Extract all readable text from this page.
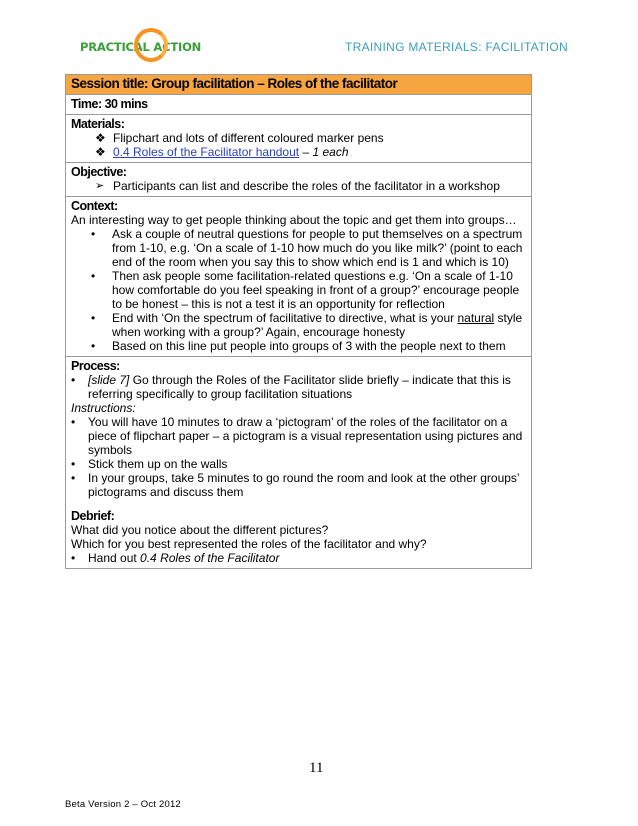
PRACTICAL ACTION	TRAINING MATERIALS: FACILITATION
Session title: Group facilitation – Roles of the facilitator

Time: 30 mins

Materials:
❖ Flipchart and lots of different coloured marker pens
❖ 0.4 Roles of the Facilitator handout – 1 each

Objective:
➢ Participants can list and describe the roles of the facilitator in a workshop

Context:
An interesting way to get people thinking about the topic and get them into groups…
• Ask a couple of neutral questions for people to put themselves on a spectrum from 1-10, e.g. ‘On a scale of 1-10 how much do you like milk?’ (point to each end of the room when you say this to show which end is 1 and which is 10)
• Then ask people some facilitation-related questions e.g. ‘On a scale of 1-10 how comfortable do you feel speaking in front of a group?’ encourage people to be honest – this is not a test it is an opportunity for reflection
• End with ‘On the spectrum of facilitative to directive, what is your natural style when working with a group?’ Again, encourage honesty
• Based on this line put people into groups of 3 with the people next to them

Process:
• [slide 7] Go through the Roles of the Facilitator slide briefly – indicate that this is referring specifically to group facilitation situations
Instructions:
• You will have 10 minutes to draw a ‘pictogram’ of the roles of the facilitator on a piece of flipchart paper – a pictogram is a visual representation using pictures and symbols
• Stick them up on the walls
• In your groups, take 5 minutes to go round the room and look at the other groups’ pictograms and discuss them
Debrief:
What did you notice about the different pictures?
Which for you best represented the roles of the facilitator and why?
• Hand out 0.4 Roles of the Facilitator
11
Beta Version 2 – Oct 2012
